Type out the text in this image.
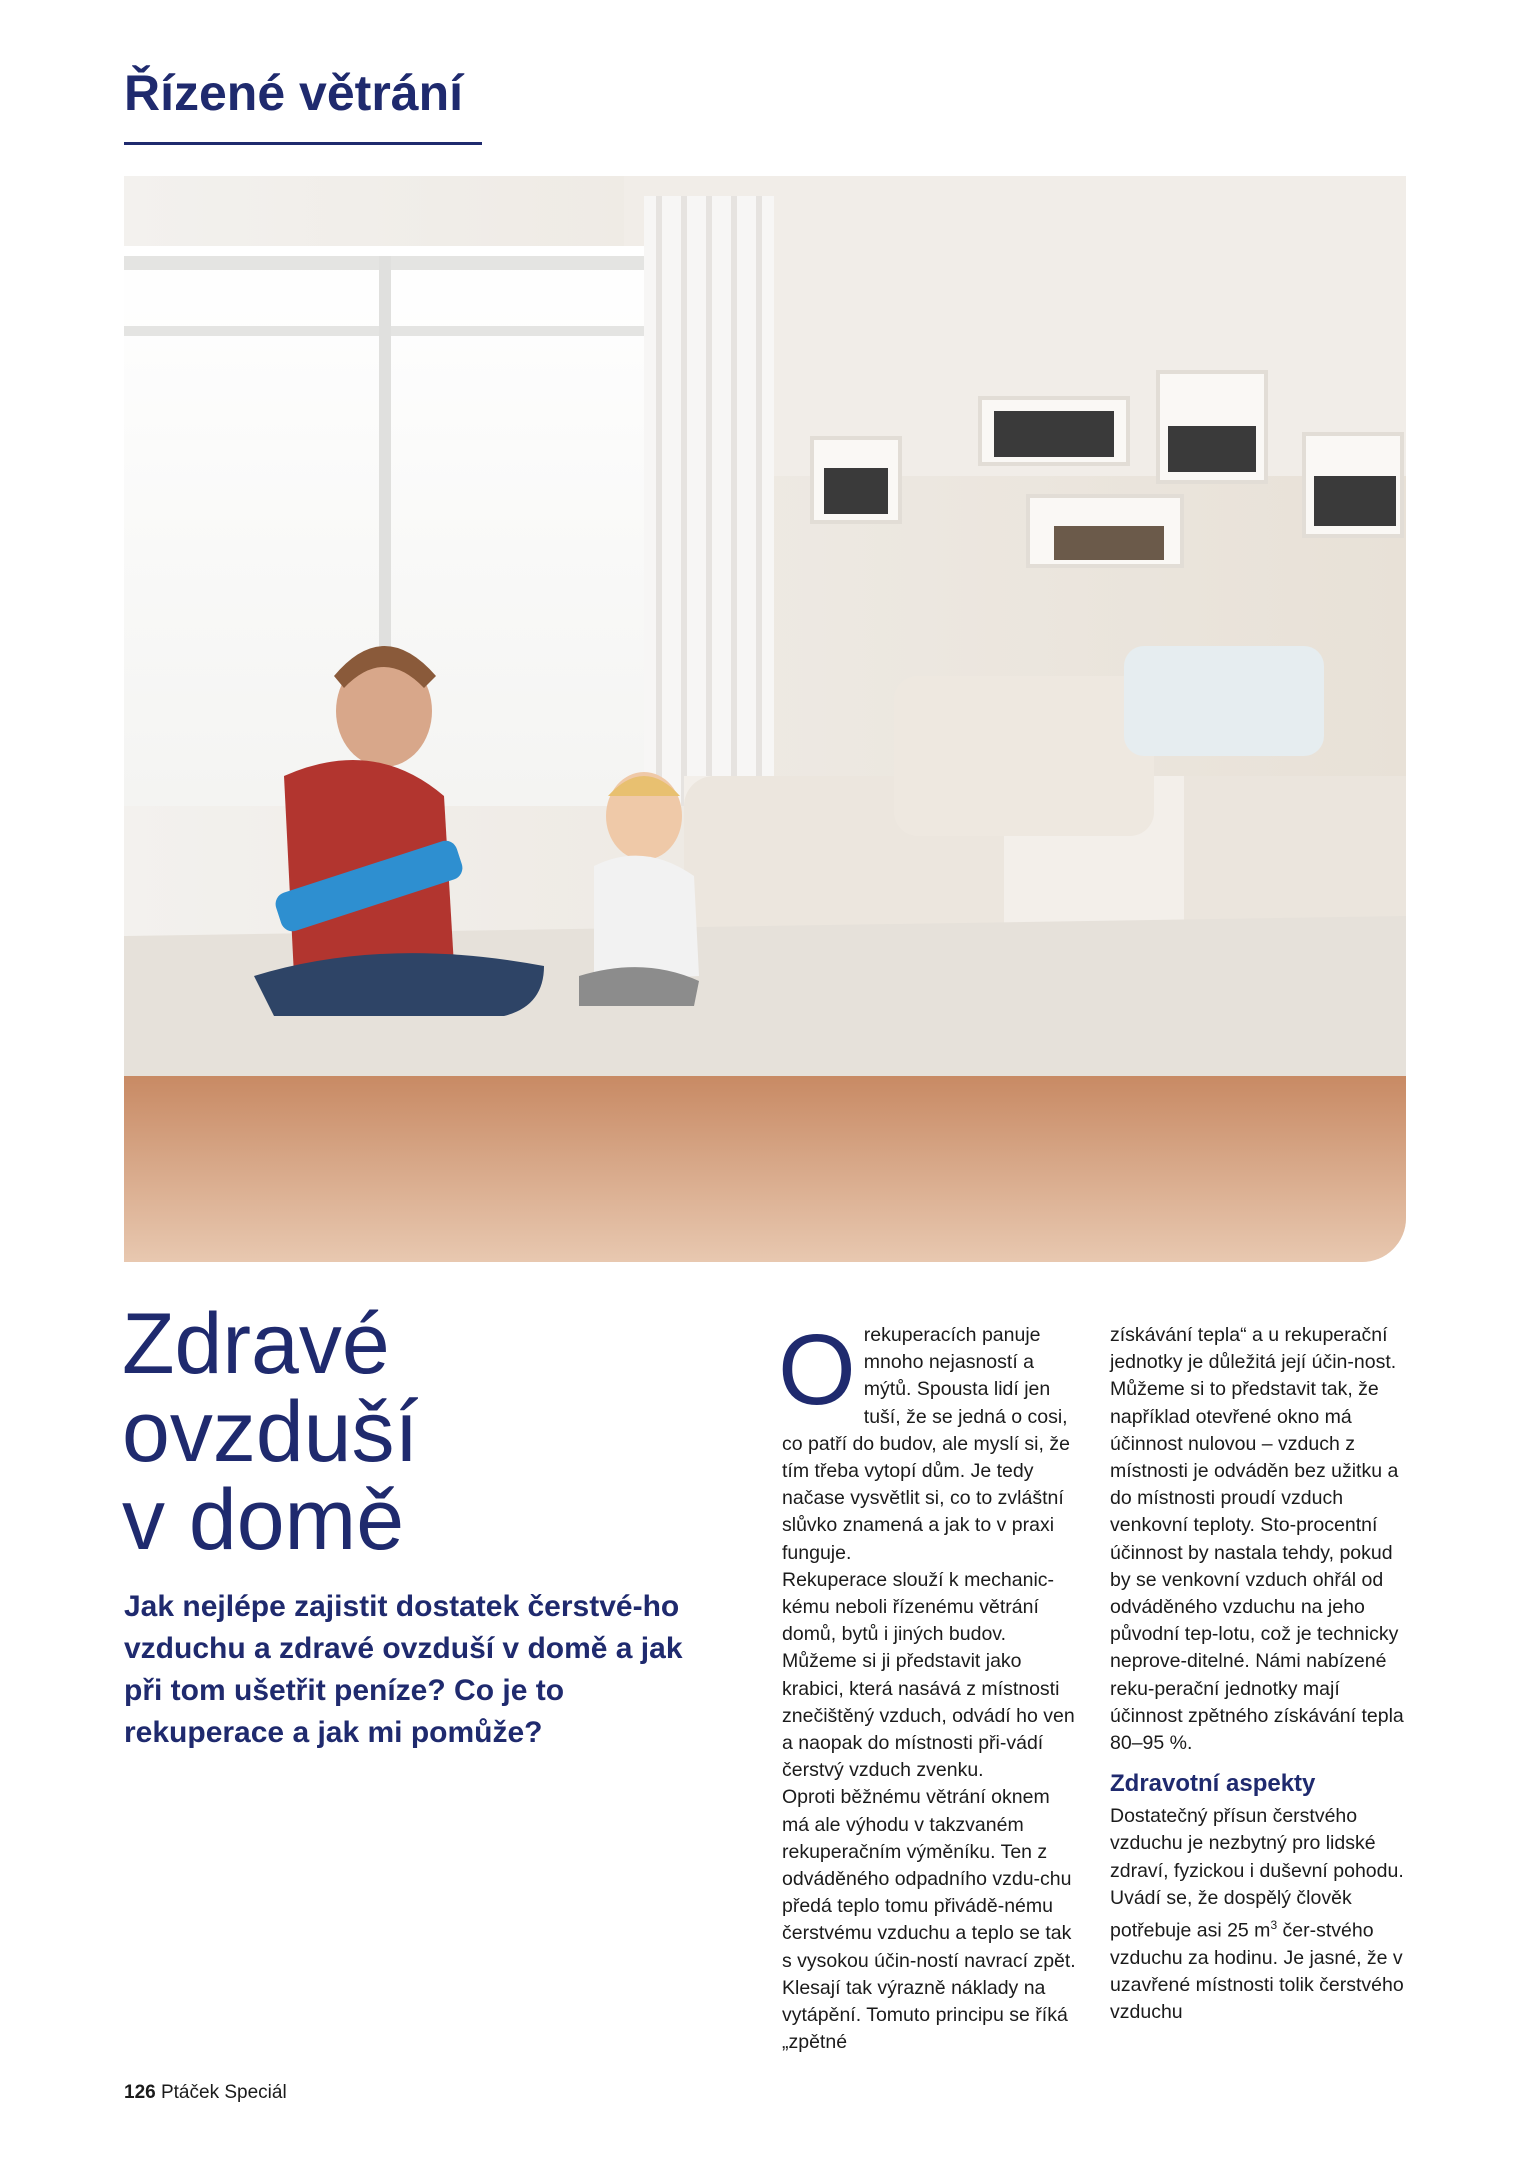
Řízené větrání
Zdravé
ovzduší
v domě
Jak nejlépe zajistit dostatek čerstvé-ho vzduchu a zdravé ovzduší v domě a jak při tom ušetřit peníze? Co je to rekuperace a jak mi pomůže?
O rekuperacích panuje mnoho nejasností a mýtů. Spousta lidí jen tuší, že se jedná o cosi, co patří do budov, ale myslí si, že tím třeba vytopí dům. Je tedy načase vysvětlit si, co to zvláštní slůvko znamená a jak to v praxi funguje.

Rekuperace slouží k mechanic-kému neboli řízenému větrání domů, bytů i jiných budov. Můžeme si ji představit jako krabici, která nasává z místnosti znečištěný vzduch, odvádí ho ven a naopak do místnosti při-vádí čerstvý vzduch zvenku.

Oproti běžnému větrání oknem má ale výhodu v takzvaném rekuperačním výměníku. Ten z odváděného odpadního vzdu-chu předá teplo tomu přivádě-nému čerstvému vzduchu a teplo se tak s vysokou účin-ností navrací zpět. Klesají tak výrazně náklady na vytápění. Tomuto principu se říká „zpětné

získávání tepla“ a u rekuperační jednotky je důležitá její účin-nost. Můžeme si to představit tak, že například otevřené okno má účinnost nulovou – vzduch z místnosti je odváděn bez užitku a do místnosti proudí vzduch venkovní teploty. Sto-procentní účinnost by nastala tehdy, pokud by se venkovní vzduch ohřál od odváděného vzduchu na jeho původní tep-lotu, což je technicky neprove-ditelné. Námi nabízené reku-perační jednotky mají účinnost zpětného získávání tepla 80–95 %.

Zdravotní aspekty

Dostatečný přísun čerstvého vzduchu je nezbytný pro lidské zdraví, fyzickou i duševní pohodu. Uvádí se, že dospělý člověk potřebuje asi 25 $m^3$ čer-stvého vzduchu za hodinu. Je jasné, že v uzavřené místnosti tolik čerstvého vzduchu

126 Ptáček Speciál
